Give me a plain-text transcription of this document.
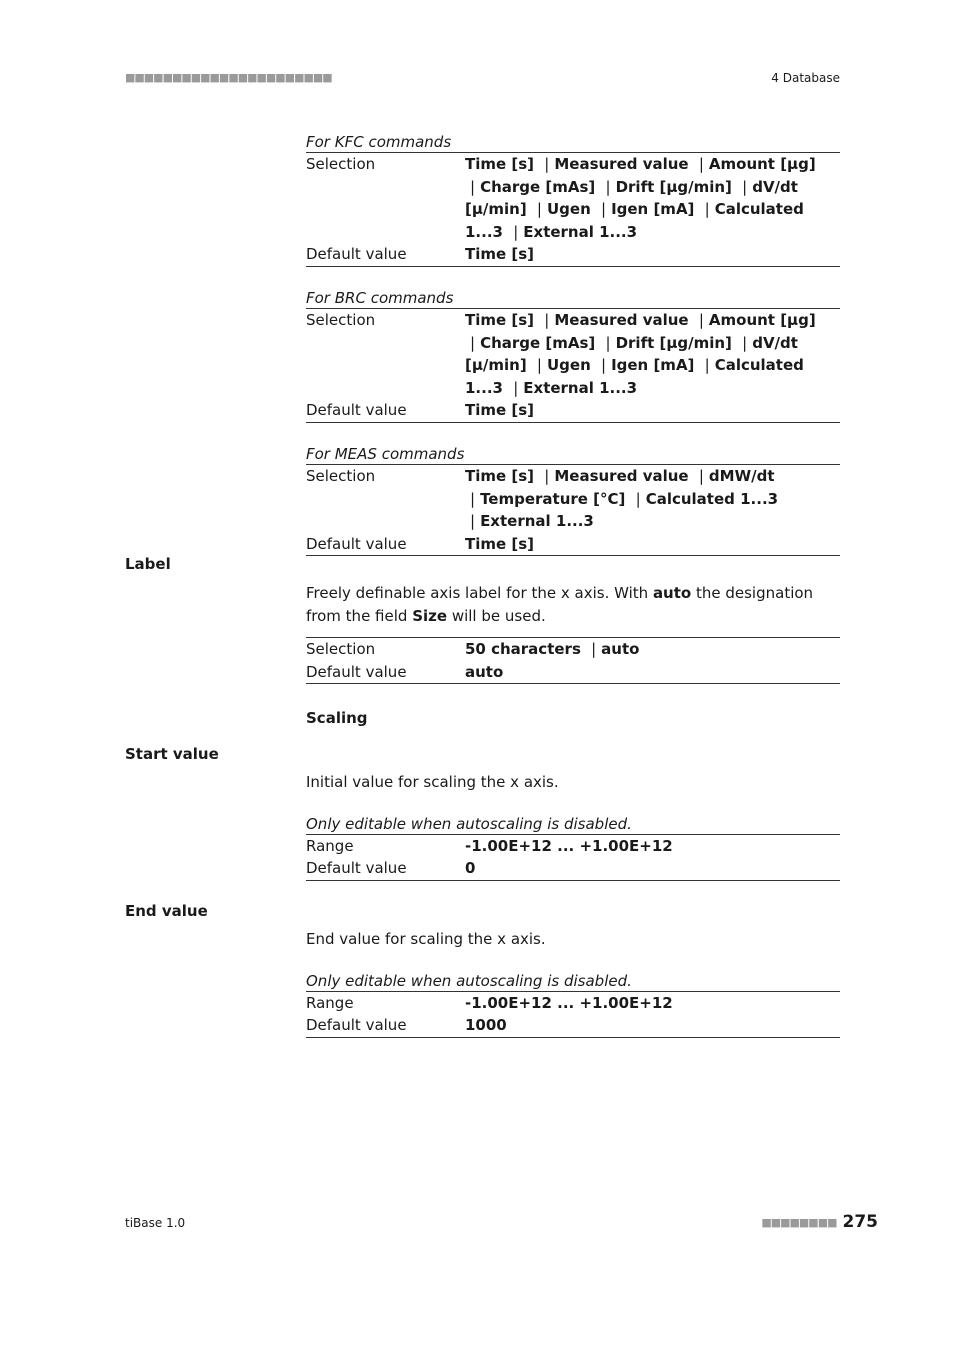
■■■■■■■■■■■■■■■■■■■■■■	4 Database
For KFC commands
Selection	Time [s] | Measured value | Amount [µg] | Charge [mAs] | Drift [µg/min] | dV/dt [µ/min] | Ugen | Igen [mA] | Calculated 1...3 | External 1...3
Default value	Time [s]
For BRC commands
Selection	Time [s] | Measured value | Amount [µg] | Charge [mAs] | Drift [µg/min] | dV/dt [µ/min] | Ugen | Igen [mA] | Calculated 1...3 | External 1...3
Default value	Time [s]
For MEAS commands
Selection	Time [s] | Measured value | dMW/dt | Temperature [°C] | Calculated 1...3 | External 1...3
Default value	Time [s]
Label
Freely definable axis label for the x axis. With auto the designation from the field Size will be used.
Selection	50 characters | auto
Default value	auto
Scaling
Start value
Initial value for scaling the x axis.
Only editable when autoscaling is disabled.
Range	-1.00E+12 ... +1.00E+12
Default value	0
End value
End value for scaling the x axis.
Only editable when autoscaling is disabled.
Range	-1.00E+12 ... +1.00E+12
Default value	1000
tiBase 1.0	■■■■■■■■ 275
